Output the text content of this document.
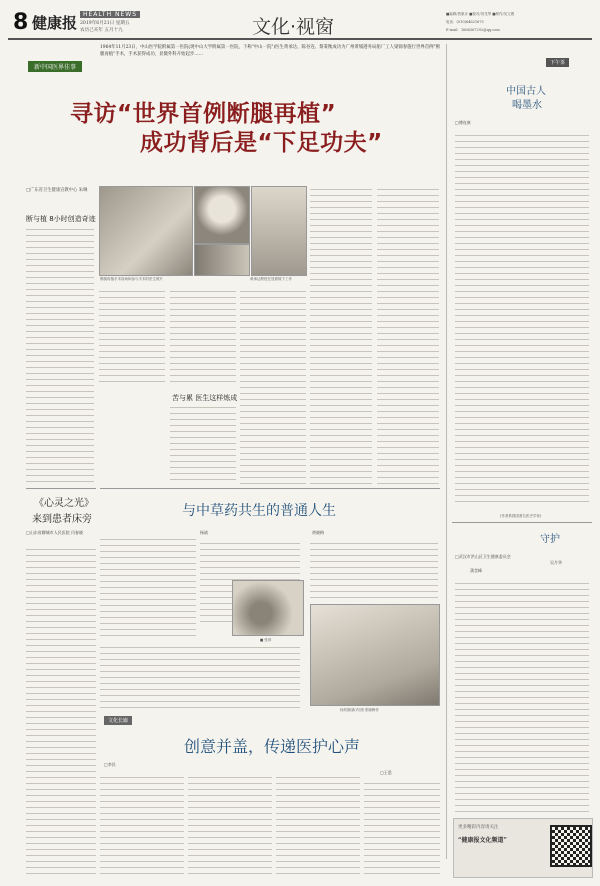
8 健康报 HEALTH NEWS
2019年6月21日 星期五
农历己亥年 五月十九	文化·视窗
■编辑/蔡豪卉 ■校对/刘龙琴 ■制作/吴文俊
电话：(010)64621675
E-mail：1668367292@qq.com
新中国医界佳事
1964年11月23日，中山医学院附属第一医院(现中山大学附属第一医院，下称"中山一院")医生黄承达、陈谷连、黎秉衡成功为广州黄埔港务局船厂工人梁锦春施行世界首例"断腿再植"手术，手术获得成功，显微外科开始起步……
寻访“世界首例断腿再植”
成功背后是“下足功夫”
□广东省卫生健康宣教中心 朱琳
断与植 8小时创造奇迹
断腿再植手术现场和参与手术的医生照片	黄承达教授在显微镜下工作
苦与累 医生这样炼成
下午茶
中国古人
喝墨水
□傅连康
(作者系我国著名医史学家)
守护
□武汉市洪山区卫生健康委员会
吴月华
蒲莹峰
更多精彩内容请关注
“健康报文化频道”
《心灵之光》
来到患者床旁
□山东省聊城市人民医院 闫春晓
与中草药共生的普通人生
杨斌	黄晓梅
■ 张萍
扬药图(新)写照 张晓梅作
文化长廊
创意并盖，传递医护心声
□李民
□王恩
